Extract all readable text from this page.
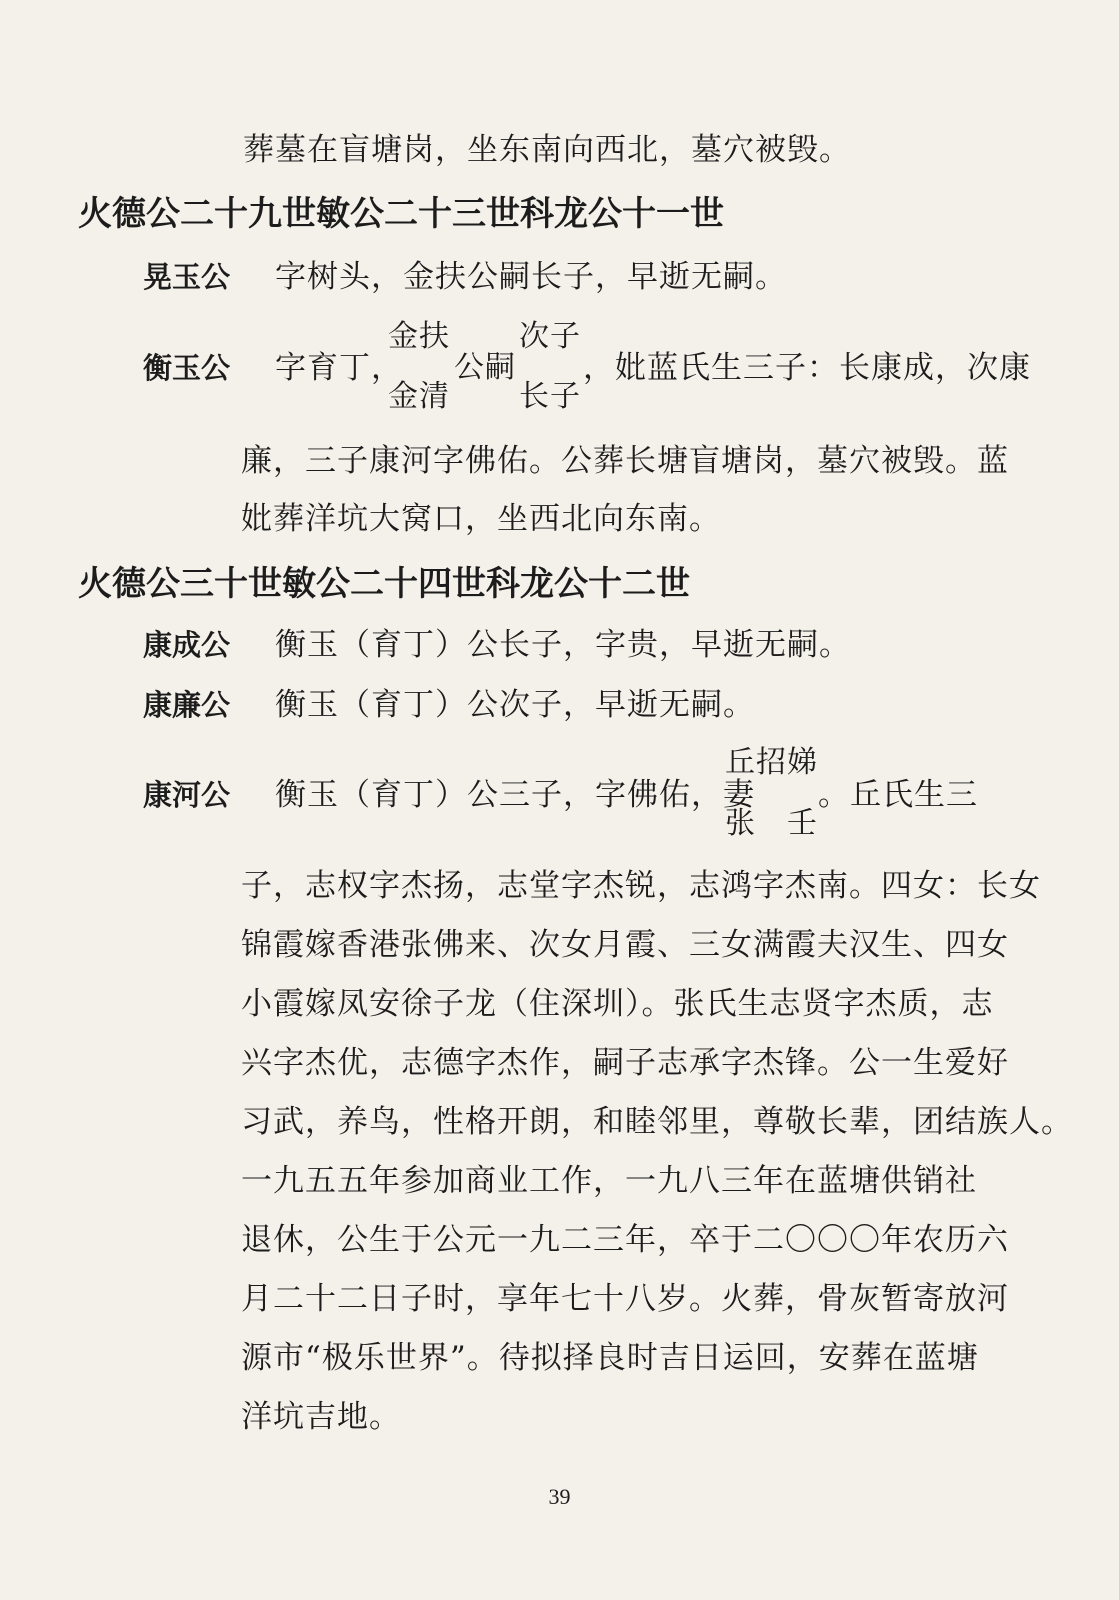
葬墓在盲塘岗，坐东南向西北，墓穴被毁。
火德公二十九世敏公二十三世科龙公十一世
晃玉公 字树头，金扶公嗣长子，早逝无嗣。
衡玉公 字育丁，
金扶
金清
公嗣
次子
长子
，妣蓝氏生三子：长康成，次康
廉，三子康河字佛佑。公葬长塘盲塘岗，墓穴被毁。蓝
妣葬洋坑大窝口，坐西北向东南。
火德公三十世敏公二十四世科龙公十二世
康成公 衡玉（育丁）公长子，字贵，早逝无嗣。
康廉公 衡玉（育丁）公次子，早逝无嗣。
康河公 衡玉（育丁）公三子，字佛佑，妻
丘招娣
张　壬
。丘氏生三
子，志权字杰扬，志堂字杰锐，志鸿字杰南。四女：长女
锦霞嫁香港张佛来、次女月霞、三女满霞夫汉生、四女
小霞嫁凤安徐子龙（住深圳）。张氏生志贤字杰质，志
兴字杰优，志德字杰作，嗣子志承字杰锋。公一生爱好
习武，养鸟，性格开朗，和睦邻里，尊敬长辈，团结族人。
一九五五年参加商业工作，一九八三年在蓝塘供销社
退休，公生于公元一九二三年，卒于二〇〇〇年农历六
月二十二日子时，享年七十八岁。火葬，骨灰暂寄放河
源市“极乐世界”。待拟择良时吉日运回，安葬在蓝塘
洋坑吉地。
39
